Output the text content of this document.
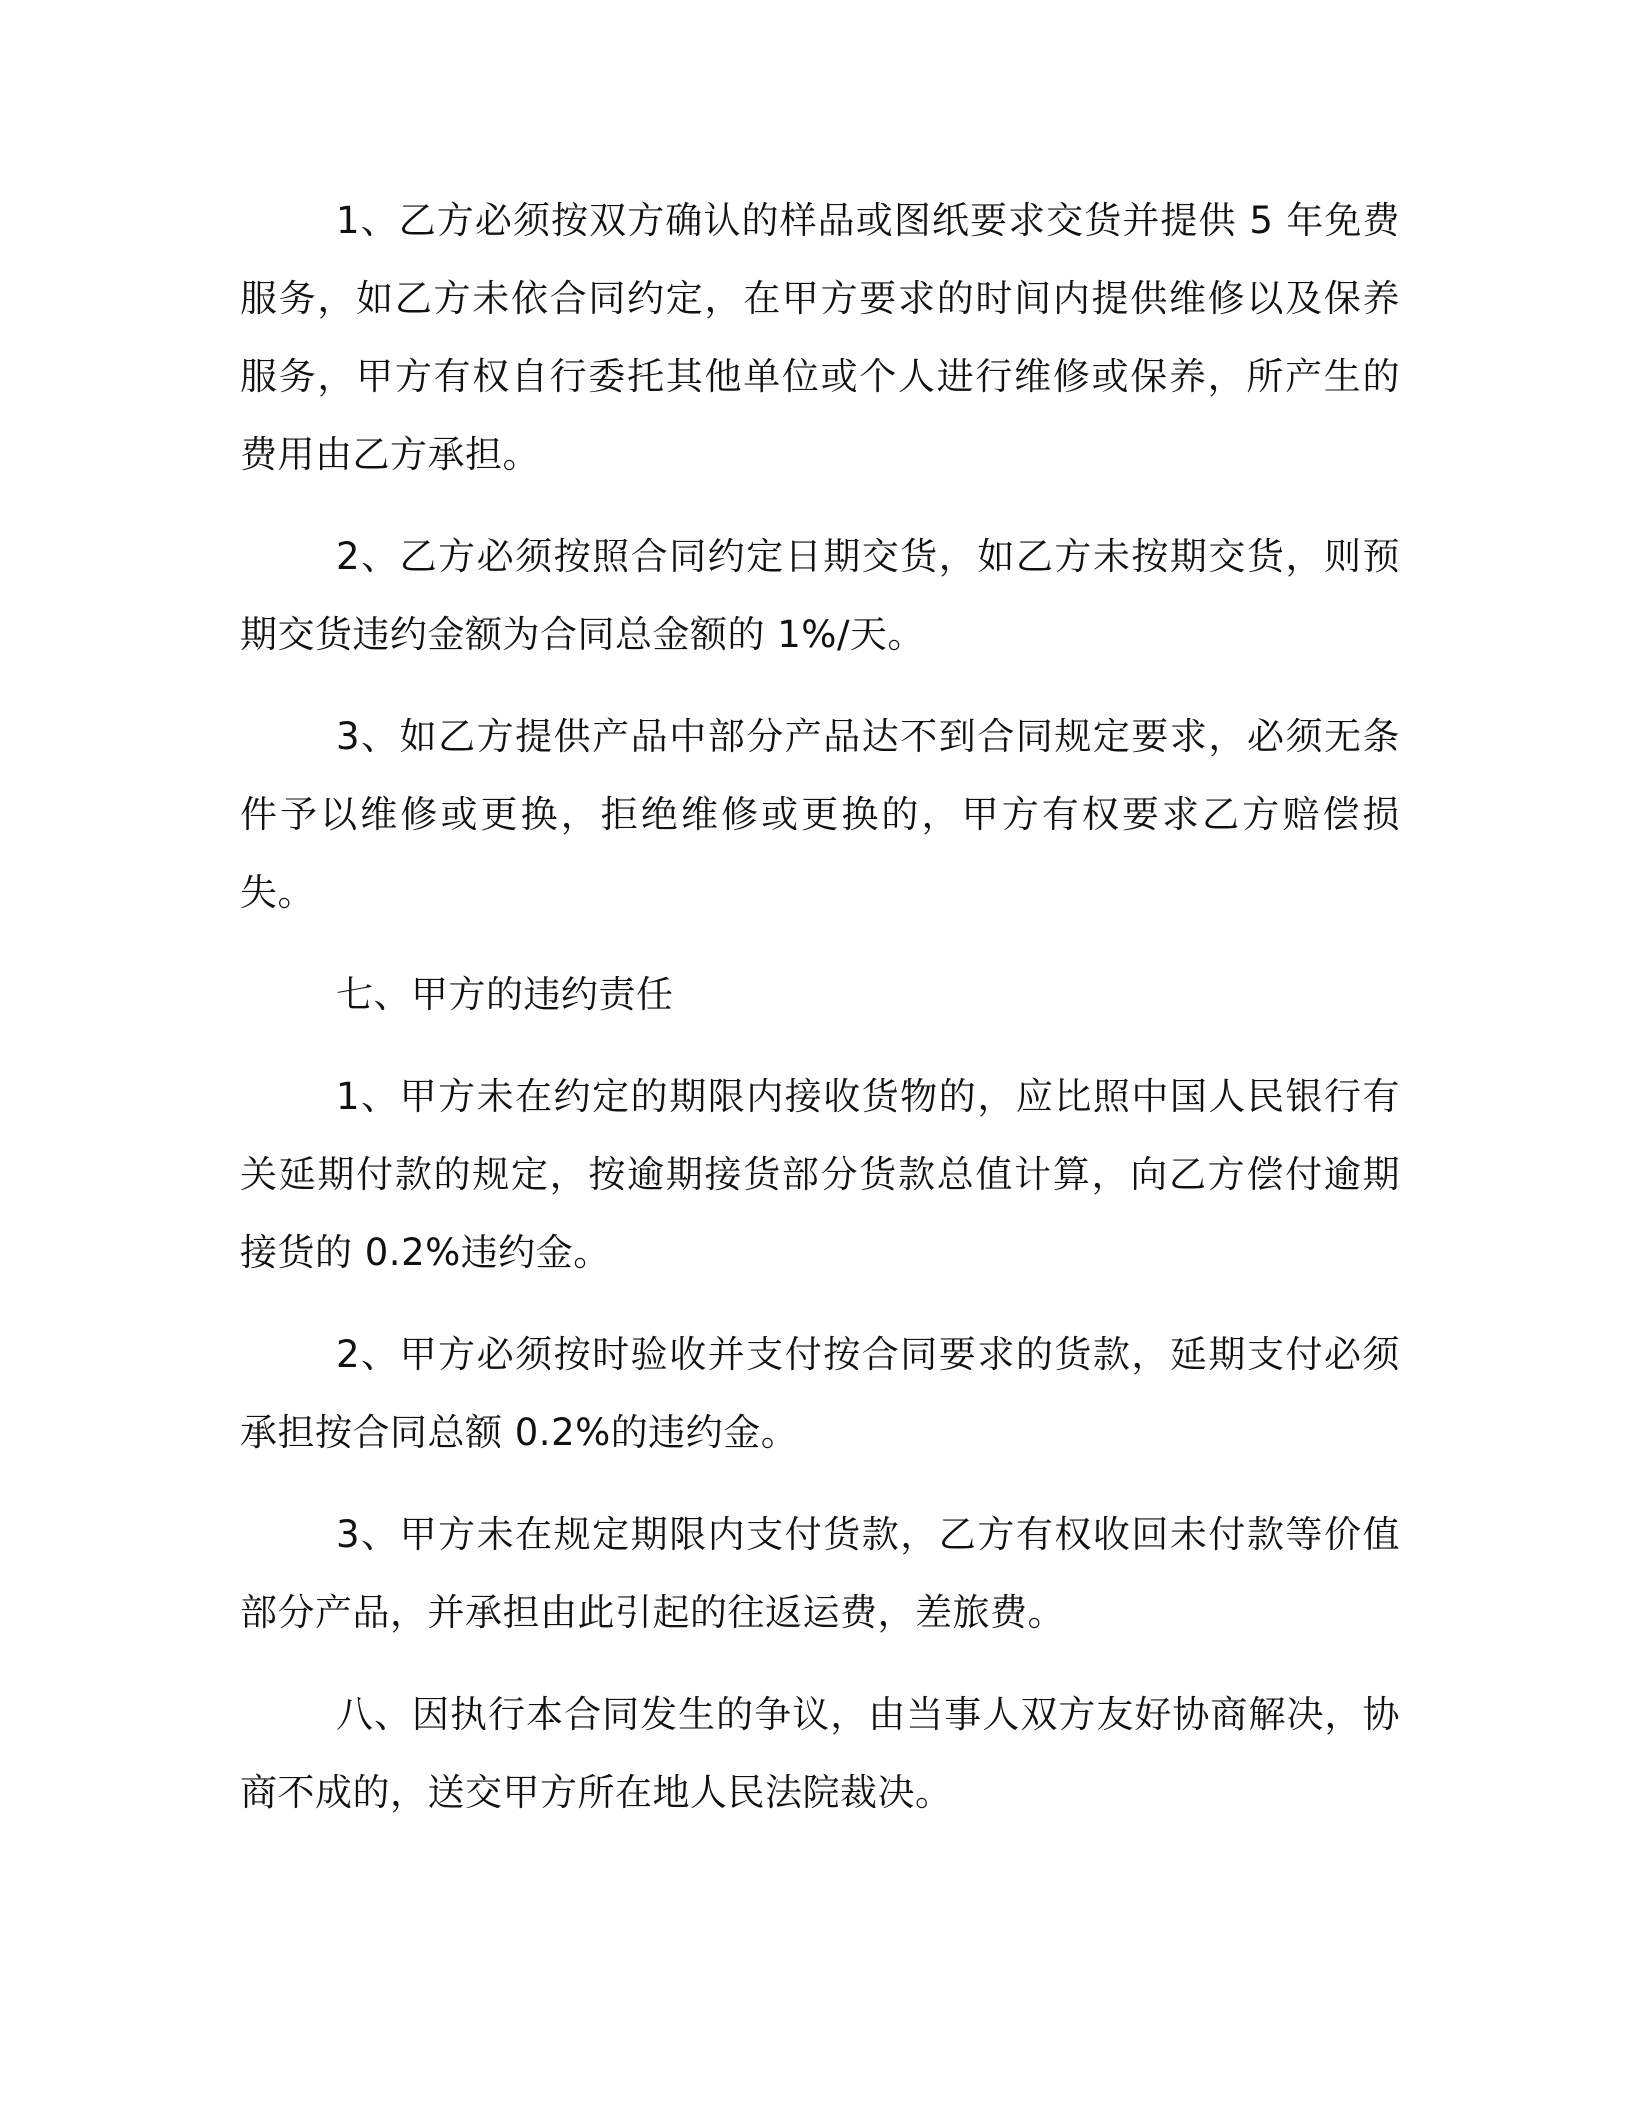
1、乙方必须按双方确认的样品或图纸要求交货并提供 5 年免费服务，如乙方未依合同约定，在甲方要求的时间内提供维修以及保养服务，甲方有权自行委托其他单位或个人进行维修或保养，所产生的费用由乙方承担。

2、乙方必须按照合同约定日期交货，如乙方未按期交货，则预期交货违约金额为合同总金额的 1%/天。

3、如乙方提供产品中部分产品达不到合同规定要求，必须无条件予以维修或更换，拒绝维修或更换的，甲方有权要求乙方赔偿损失。

七、甲方的违约责任

1、甲方未在约定的期限内接收货物的，应比照中国人民银行有关延期付款的规定，按逾期接货部分货款总值计算，向乙方偿付逾期接货的 0.2%违约金。

2、甲方必须按时验收并支付按合同要求的货款，延期支付必须承担按合同总额 0.2%的违约金。

3、甲方未在规定期限内支付货款，乙方有权收回未付款等价值部分产品，并承担由此引起的往返运费，差旅费。

八、因执行本合同发生的争议，由当事人双方友好协商解决，协商不成的，送交甲方所在地人民法院裁决。
